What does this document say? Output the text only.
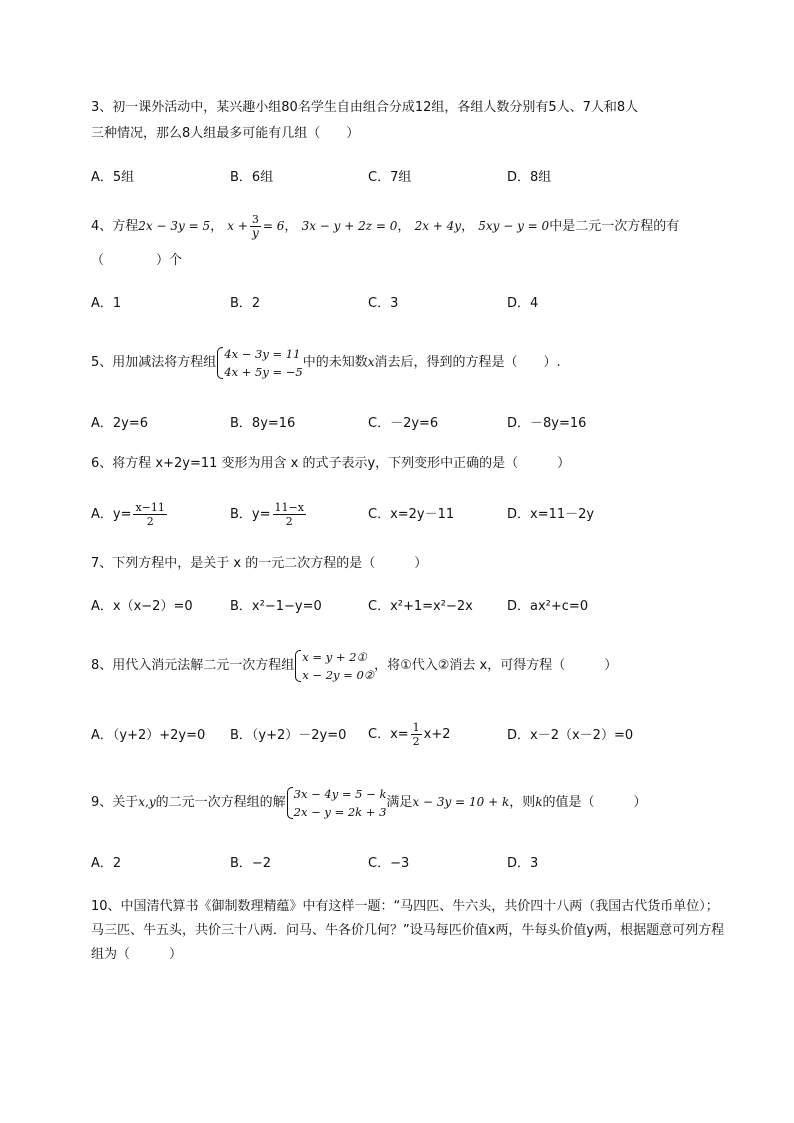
3、初一课外活动中，某兴趣小组80名学生自由组合分成12组，各组人数分别有5人、7人和8人
三种情况，那么8人组最多可能有几组（　　）
A．5组	B．6组	C．7组	D．8组
4、方程2x − 3y = 5， $x + \frac{3}{y} = 6$， 3x − y + 2z = 0， 2x + 4y， 5xy − y = 0中是二元一次方程的有
（　　　　）个
A．1	B．2	C．3	D．4
5、用加减法将方程组
4x − 3y = 11
4x + 5y = −5
中的未知数x消去后，得到的方程是（　　）.
A．2y=6	B．8y=16	C．－2y=6	D．－8y=16
6、将方程 x+2y=11 变形为用含 x 的式子表示y，下列变形中正确的是（　　　）
A．$y= \frac{x-11}{2}$	B．$y= \frac{11-x}{2}$	C．x=2y－11	D．x=11－2y
7、下列方程中，是关于 x 的一元二次方程的是（　　　）
A．x（x−2）=0	B．x²−1−y=0	C．x²+1=x²−2x	D．ax²+c=0
8、用代入消元法解二元一次方程组
x = y + 2①
x − 2y = 0②
，将①代入②消去 x，可得方程（　　　）
A．（y+2）+2y=0 B．（y+2）－2y=0 C．$x= \frac{1}{2} x+2$	D．x－2（x－2）=0
9、关于x,y的二元一次方程组的解
3x − 4y = 5 − k
2x − y = 2k + 3
满足x − 3y = 10 + k，则k的值是（　　　）
A．2	B．−2	C．−3	D．3
10、中国清代算书《御制数理精蕴》中有这样一题：“马四匹、牛六头，共价四十八两（我国古代货币单位）；马三匹、牛五头，共价三十八两．问马、牛各价几何？”设马每匹价值x两，牛每头价值y两，根据题意可列方程组为（　　　）
